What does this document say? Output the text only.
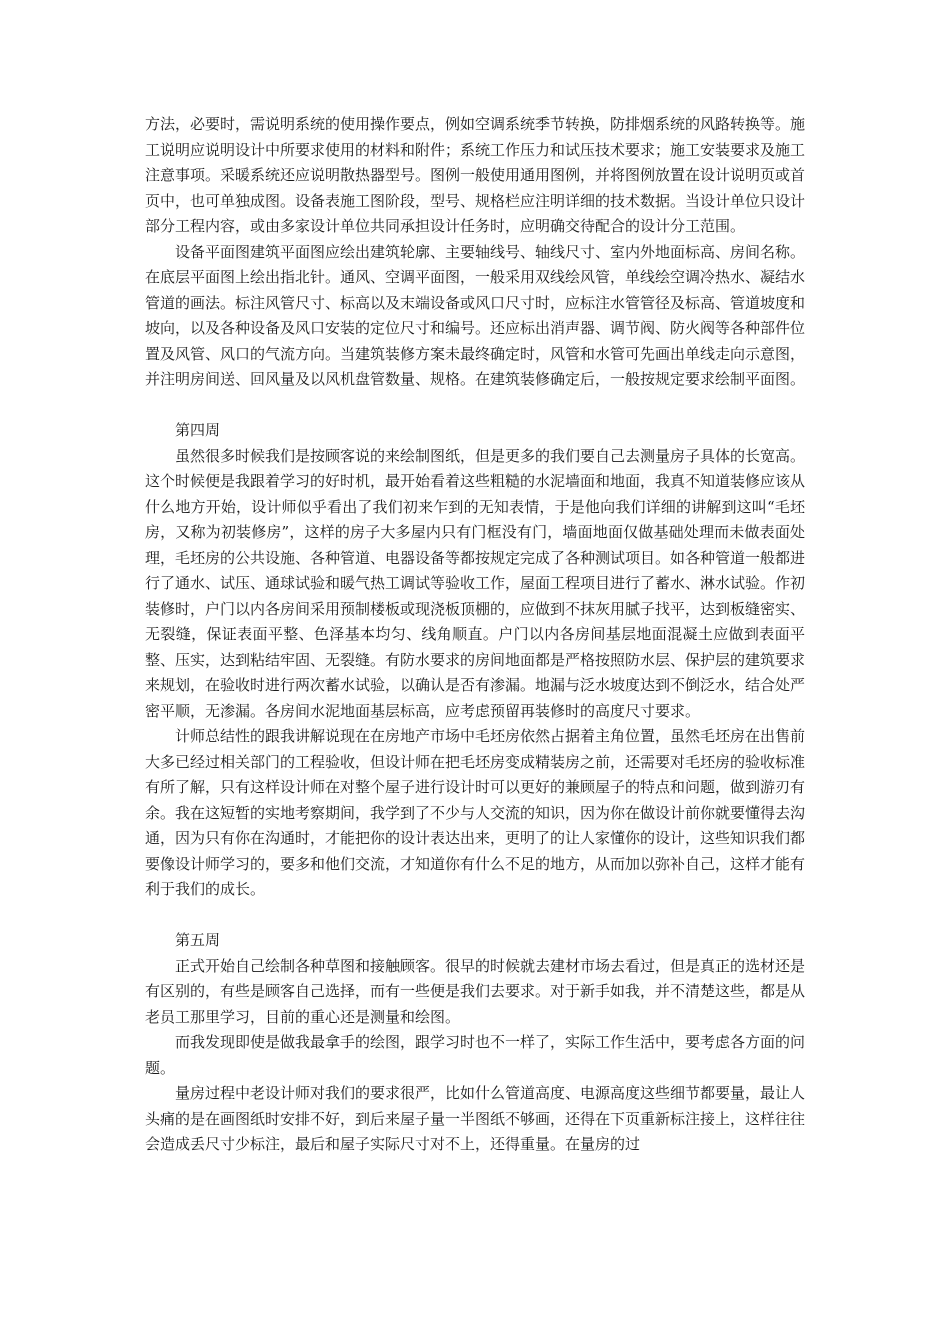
方法，必要时，需说明系统的使用操作要点，例如空调系统季节转换，防排烟系统的风路转换等。施工说明应说明设计中所要求使用的材料和附件；系统工作压力和试压技术要求；施工安装要求及施工注意事项。采暖系统还应说明散热器型号。图例一般使用通用图例，并将图例放置在设计说明页或首页中，也可单独成图。设备表施工图阶段，型号、规格栏应注明详细的技术数据。当设计单位只设计部分工程内容，或由多家设计单位共同承担设计任务时，应明确交待配合的设计分工范围。

设备平面图建筑平面图应绘出建筑轮廓、主要轴线号、轴线尺寸、室内外地面标高、房间名称。在底层平面图上绘出指北针。通风、空调平面图，一般采用双线绘风管，单线绘空调冷热水、凝结水管道的画法。标注风管尺寸、标高以及末端设备或风口尺寸时，应标注水管管径及标高、管道坡度和坡向，以及各种设备及风口安装的定位尺寸和编号。还应标出消声器、调节阀、防火阀等各种部件位置及风管、风口的气流方向。当建筑装修方案未最终确定时，风管和水管可先画出单线走向示意图，并注明房间送、回风量及以风机盘管数量、规格。在建筑装修确定后，一般按规定要求绘制平面图。

第四周

虽然很多时候我们是按顾客说的来绘制图纸，但是更多的我们要自己去测量房子具体的长宽高。这个时候便是我跟着学习的好时机，最开始看着这些粗糙的水泥墙面和地面，我真不知道装修应该从什么地方开始，设计师似乎看出了我们初来乍到的无知表情，于是他向我们详细的讲解到这叫“毛坯房，又称为初装修房”，这样的房子大多屋内只有门框没有门，墙面地面仅做基础处理而未做表面处理，毛坯房的公共设施、各种管道、电器设备等都按规定完成了各种测试项目。如各种管道一般都进行了通水、试压、通球试验和暖气热工调试等验收工作，屋面工程项目进行了蓄水、淋水试验。作初装修时，户门以内各房间采用预制楼板或现浇板顶棚的，应做到不抹灰用腻子找平，达到板缝密实、无裂缝，保证表面平整、色泽基本均匀、线角顺直。户门以内各房间基层地面混凝土应做到表面平整、压实，达到粘结牢固、无裂缝。有防水要求的房间地面都是严格按照防水层、保护层的建筑要求来规划，在验收时进行两次蓄水试验，以确认是否有渗漏。地漏与泛水坡度达到不倒泛水，结合处严密平顺，无渗漏。各房间水泥地面基层标高，应考虑预留再装修时的高度尺寸要求。

计师总结性的跟我讲解说现在在房地产市场中毛坯房依然占据着主角位置，虽然毛坯房在出售前大多已经过相关部门的工程验收，但设计师在把毛坯房变成精装房之前，还需要对毛坯房的验收标准有所了解，只有这样设计师在对整个屋子进行设计时可以更好的兼顾屋子的特点和问题，做到游刃有余。我在这短暂的实地考察期间，我学到了不少与人交流的知识，因为你在做设计前你就要懂得去沟通，因为只有你在沟通时，才能把你的设计表达出来，更明了的让人家懂你的设计，这些知识我们都要像设计师学习的，要多和他们交流，才知道你有什么不足的地方，从而加以弥补自己，这样才能有利于我们的成长。

第五周

正式开始自己绘制各种草图和接触顾客。很早的时候就去建材市场去看过，但是真正的选材还是有区别的，有些是顾客自己选择，而有一些便是我们去要求。对于新手如我，并不清楚这些，都是从老员工那里学习，目前的重心还是测量和绘图。

而我发现即使是做我最拿手的绘图，跟学习时也不一样了，实际工作生活中，要考虑各方面的问题。

量房过程中老设计师对我们的要求很严，比如什么管道高度、电源高度这些细节都要量，最让人头痛的是在画图纸时安排不好，到后来屋子量一半图纸不够画，还得在下页重新标注接上，这样往往会造成丢尺寸少标注，最后和屋子实际尺寸对不上，还得重量。在量房的过
